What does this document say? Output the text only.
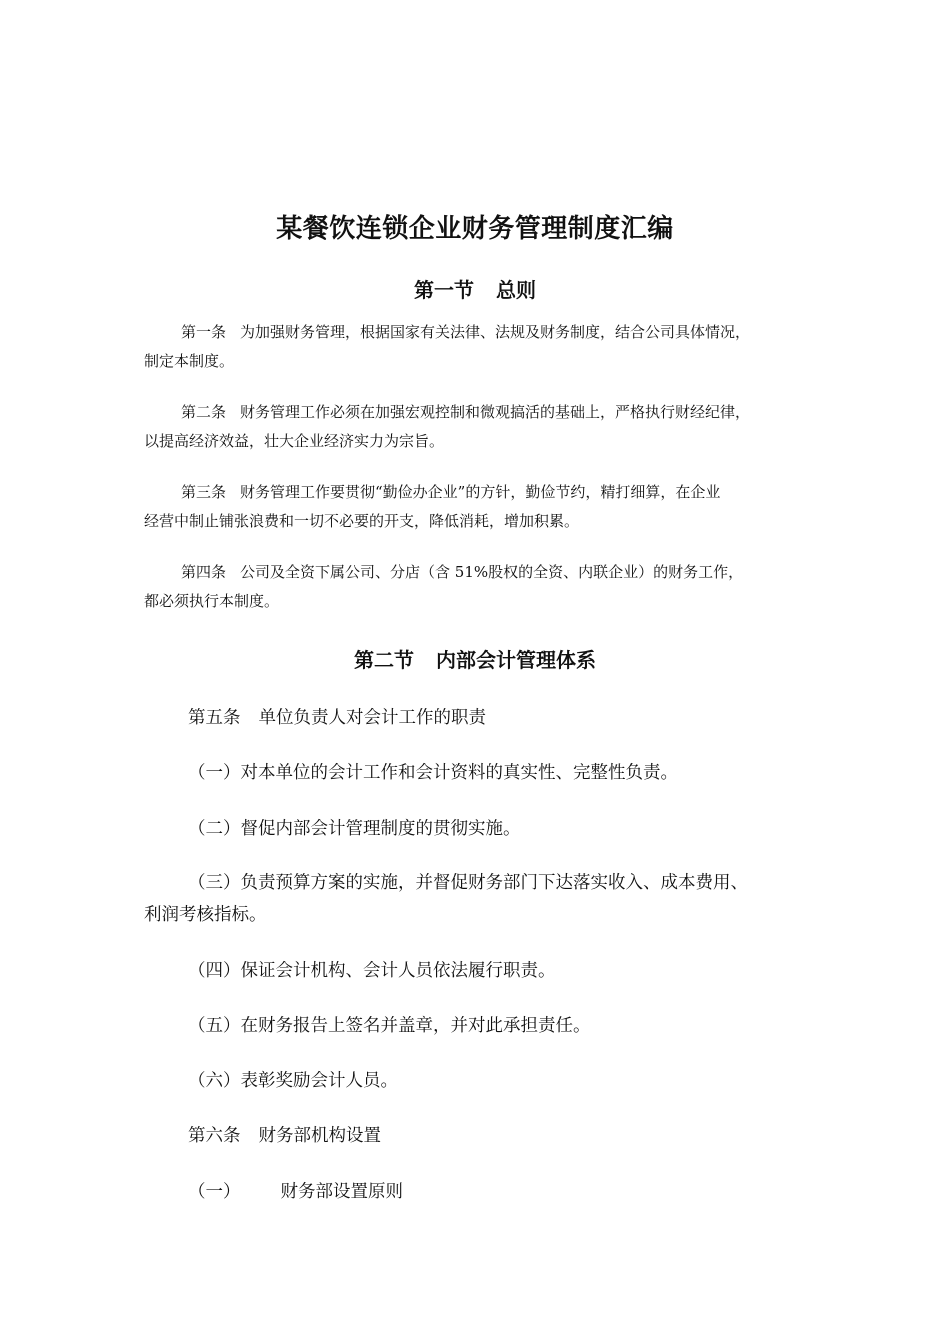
某餐饮连锁企业财务管理制度汇编
第一节 总则
第一条 为加强财务管理，根据国家有关法律、法规及财务制度，结合公司具体情况，
制定本制度。
第二条 财务管理工作必须在加强宏观控制和微观搞活的基础上，严格执行财经纪律，
以提高经济效益，壮大企业经济实力为宗旨。
第三条 财务管理工作要贯彻“勤俭办企业”的方针，勤俭节约，精打细算，在企业
经营中制止铺张浪费和一切不必要的开支，降低消耗，增加积累。
第四条 公司及全资下属公司、分店（含 51%股权的全资、内联企业）的财务工作，
都必须执行本制度。
第二节 内部会计管理体系
第五条 单位负责人对会计工作的职责
（一）对本单位的会计工作和会计资料的真实性、完整性负责。
（二）督促内部会计管理制度的贯彻实施。
（三）负责预算方案的实施，并督促财务部门下达落实收入、成本费用、
利润考核指标。
（四）保证会计机构、会计人员依法履行职责。
（五）在财务报告上签名并盖章，并对此承担责任。
（六）表彰奖励会计人员。
第六条 财务部机构设置
（一） 财务部设置原则
